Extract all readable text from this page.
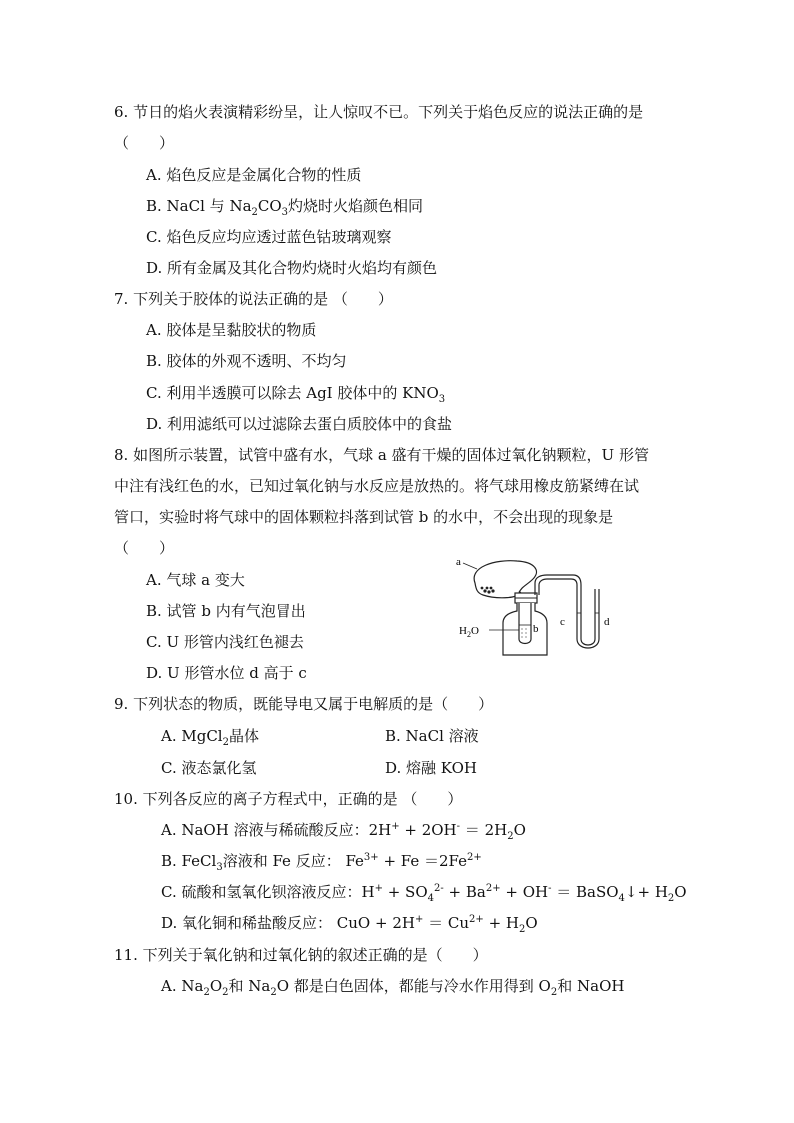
6. 节日的焰火表演精彩纷呈，让人惊叹不已。下列关于焰色反应的说法正确的是
（　　）
A. 焰色反应是金属化合物的性质
B. NaCl 与 $Na_2CO_3$灼烧时火焰颜色相同
C. 焰色反应均应透过蓝色钴玻璃观察
D. 所有金属及其化合物灼烧时火焰均有颜色
7. 下列关于胶体的说法正确的是 （　　）
A. 胶体是呈黏胶状的物质
B. 胶体的外观不透明、不均匀
C. 利用半透膜可以除去 AgI 胶体中的 $KNO_3$
D. 利用滤纸可以过滤除去蛋白质胶体中的食盐
8. 如图所示装置，试管中盛有水，气球 a 盛有干燥的固体过氧化钠颗粒，U 形管
中注有浅红色的水，已知过氧化钠与水反应是放热的。将气球用橡皮筋紧缚在试
管口，实验时将气球中的固体颗粒抖落到试管 b 的水中，不会出现的现象是
（　　）
A. 气球 a 变大
B. 试管 b 内有气泡冒出
C. U 形管内浅红色褪去
D. U 形管水位 d 高于 c
a
b
c	d
$H_2O$
9. 下列状态的物质，既能导电又属于电解质的是（　　）
A. MgCl$_2$晶体	B. NaCl 溶液
C. 液态氯化氢	D. 熔融 KOH
10. 下列各反应的离子方程式中，正确的是 （　　）
A. NaOH 溶液与稀硫酸反应：$2H^+ + 2OH^- = 2H_2O$
B. FeCl$_3$溶液和 Fe 反应： $Fe^{3+} + Fe =2Fe^{2+}$
C. 硫酸和氢氧化钡溶液反应：$H^+ + SO_4^{2-} + Ba^{2+} + OH^-$ ＝ BaSO$_4$↓+ $H_2O$
D. 氧化铜和稀盐酸反应： CuO + $2H^+ = Cu^{2+} + H_2O$
11. 下列关于氧化钠和过氧化钠的叙述正确的是（　　）
A. $Na_2O_2$和 $Na_2O$ 都是白色固体，都能与冷水作用得到 $O_2$和 NaOH
